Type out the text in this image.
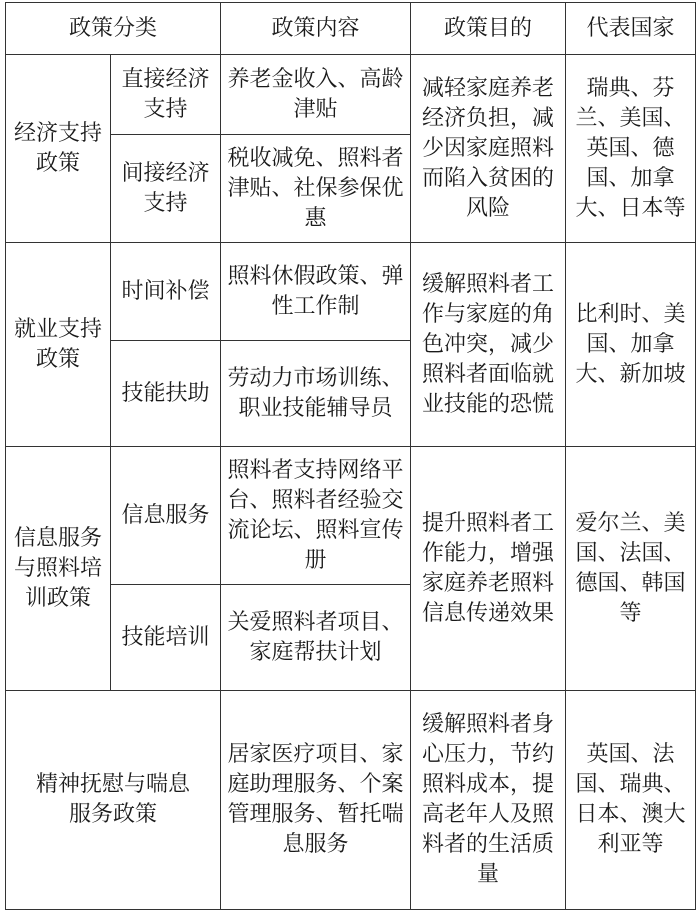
政策分类		政策内容	政策目的	代表国家
经济支持政策	直接经济支持	养老金收入、高龄津贴	减轻家庭养老经济负担，减少因家庭照料而陷入贫困的风险	瑞典、芬兰、美国、英国、德国、加拿大、日本等
	间接经济支持	税收减免、照料者津贴、社保参保优惠		
就业支持政策	时间补偿	照料休假政策、弹性工作制	缓解照料者工作与家庭的角色冲突，减少照料者面临就业技能的恐慌	比利时、美国、加拿大、新加坡
	技能扶助	劳动力市场训练、职业技能辅导员		
信息服务与照料培训政策	信息服务	照料者支持网络平台、照料者经验交流论坛、照料宣传册	提升照料者工作能力，增强家庭养老照料信息传递效果	爱尔兰、美国、法国、德国、韩国等
	技能培训	关爱照料者项目、家庭帮扶计划		
精神抚慰与喘息服务政策		居家医疗项目、家庭助理服务、个案管理服务、暂托喘息服务	缓解照料者身心压力，节约照料成本，提高老年人及照料者的生活质量	英国、法国、瑞典、日本、澳大利亚等
